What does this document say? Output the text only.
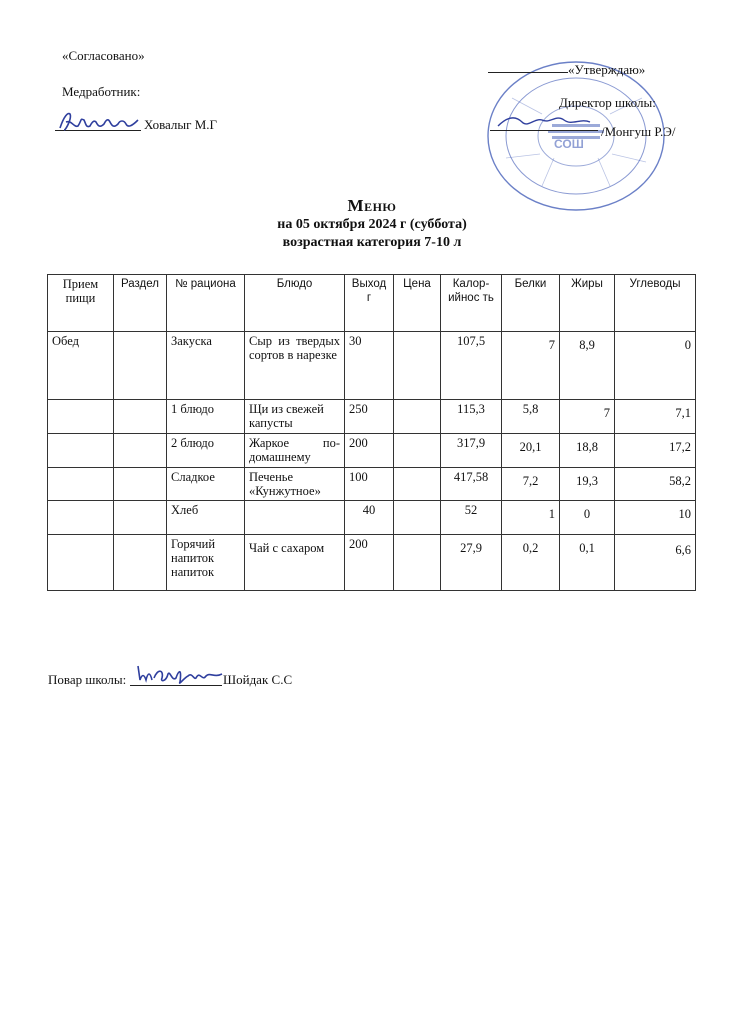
«Согласовано»
Медработник:
Ховалыг М.Г
СОШ
«Утверждаю»
Директор школы:
/Монгуш Р.Э/
Меню
на 05 октября 2024 г (суббота)
возрастная категория 7-10 л
Прием пищи	Раздел	№ рациона	Блюдо	Выход г	Цена	Калор-ийнос ть	Белки	Жиры	Углеводы
Обед		Закуска	Сыр из твердых сортов в нарезке	30		107,5	7	8,9	0
		1 блюдо	Щи из свежей капусты	250		115,3	5,8	7	7,1
		2 блюдо	Жаркое по-домашнему	200		317,9	20,1	18,8	17,2
		Сладкое	Печенье «Кунжутное»	100		417,58	7,2	19,3	58,2
		Хлеб		40		52	1	0	10
		Горячий напиток напиток	Чай с сахаром	200		27,9	0,2	0,1	6,6
Повар школы:	Шойдак С.С
